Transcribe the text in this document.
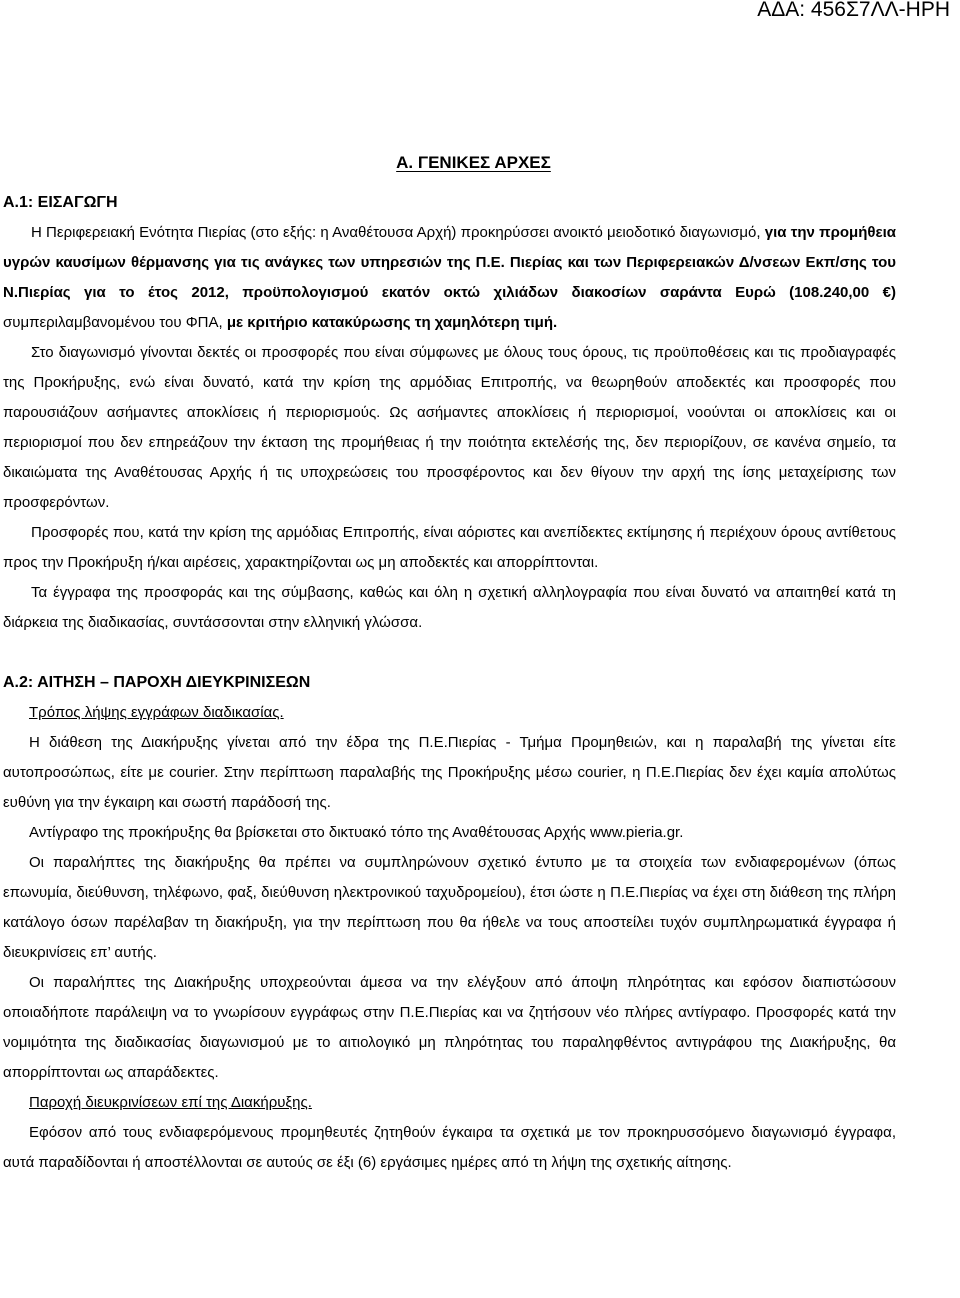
ΑΔΑ: 456Σ7ΛΛ-ΗΡΗ
Α. ΓΕΝΙΚΕΣ ΑΡΧΕΣ
Α.1: ΕΙΣΑΓΩΓΗ

Η Περιφερειακή Ενότητα Πιερίας (στο εξής: η Αναθέτουσα Αρχή) προκηρύσσει ανοικτό μειοδοτικό διαγωνισμό, για την προμήθεια υγρών καυσίμων θέρμανσης για τις ανάγκες των υπηρεσιών της Π.Ε. Πιερίας και των Περιφερειακών Δ/νσεων Εκπ/σης του Ν.Πιερίας για το έτος 2012, προϋπολογισμού εκατόν οκτώ χιλιάδων διακοσίων σαράντα Ευρώ (108.240,00 €) συμπεριλαμβανομένου του ΦΠΑ, με κριτήριο κατακύρωσης τη χαμηλότερη τιμή.

Στο διαγωνισμό γίνονται δεκτές οι προσφορές που είναι σύμφωνες με όλους τους όρους, τις προϋποθέσεις και τις προδιαγραφές της Προκήρυξης, ενώ είναι δυνατό, κατά την κρίση της αρμόδιας Επιτροπής, να θεωρηθούν αποδεκτές και προσφορές που παρουσιάζουν ασήμαντες αποκλίσεις ή περιορισμούς. Ως ασήμαντες αποκλίσεις ή περιορισμοί, νοούνται οι αποκλίσεις και οι περιορισμοί που δεν επηρεάζουν την έκταση της προμήθειας ή την ποιότητα εκτελέσής της, δεν περιορίζουν, σε κανένα σημείο, τα δικαιώματα της Αναθέτουσας Αρχής ή τις υποχρεώσεις του προσφέροντος και δεν θίγουν την αρχή της ίσης μεταχείρισης των προσφερόντων.

Προσφορές που, κατά την κρίση της αρμόδιας Επιτροπής, είναι αόριστες και ανεπίδεκτες εκτίμησης ή περιέχουν όρους αντίθετους προς την Προκήρυξη ή/και αιρέσεις, χαρακτηρίζονται ως μη αποδεκτές και απορρίπτονται.

Τα έγγραφα της προσφοράς και της σύμβασης, καθώς και όλη η σχετική αλληλογραφία που είναι δυνατό να απαιτηθεί κατά τη διάρκεια της διαδικασίας, συντάσσονται στην ελληνική γλώσσα.

Α.2: ΑΙΤΗΣΗ – ΠΑΡΟΧΗ ΔΙΕΥΚΡΙΝΙΣΕΩΝ

Τρόπος λήψης εγγράφων διαδικασίας.

Η διάθεση της Διακήρυξης γίνεται από την έδρα της Π.Ε.Πιερίας - Τμήμα Προμηθειών, και η παραλαβή της γίνεται είτε αυτοπροσώπως, είτε με courier. Στην περίπτωση παραλαβής της Προκήρυξης μέσω courier, η Π.Ε.Πιερίας δεν έχει καμία απολύτως ευθύνη για την έγκαιρη και σωστή παράδοσή της.

Αντίγραφο της προκήρυξης θα βρίσκεται στο δικτυακό τόπο της Αναθέτουσας Αρχής www.pieria.gr.

Οι παραλήπτες της διακήρυξης θα πρέπει να συμπληρώνουν σχετικό έντυπο με τα στοιχεία των ενδιαφερομένων (όπως επωνυμία, διεύθυνση, τηλέφωνο, φαξ, διεύθυνση ηλεκτρονικού ταχυδρομείου), έτσι ώστε η Π.Ε.Πιερίας να έχει στη διάθεση της πλήρη κατάλογο όσων παρέλαβαν τη διακήρυξη, για την περίπτωση που θα ήθελε να τους αποστείλει τυχόν συμπληρωματικά έγγραφα ή διευκρινίσεις επ’ αυτής.

Οι παραλήπτες της Διακήρυξης υποχρεούνται άμεσα να την ελέγξουν από άποψη πληρότητας και εφόσον διαπιστώσουν οποιαδήποτε παράλειψη να το γνωρίσουν εγγράφως στην Π.Ε.Πιερίας και να ζητήσουν νέο πλήρες αντίγραφο. Προσφορές κατά την νομιμότητα της διαδικασίας διαγωνισμού με το αιτιολογικό μη πληρότητας του παραληφθέντος αντιγράφου της Διακήρυξης, θα απορρίπτονται ως απαράδεκτες.

Παροχή διευκρινίσεων επί της Διακήρυξης.

Εφόσον από τους ενδιαφερόμενους προμηθευτές ζητηθούν έγκαιρα τα σχετικά με τον προκηρυσσόμενο διαγωνισμό έγγραφα, αυτά παραδίδονται ή αποστέλλονται σε αυτούς σε έξι (6) εργάσιμες ημέρες από τη λήψη της σχετικής αίτησης.
